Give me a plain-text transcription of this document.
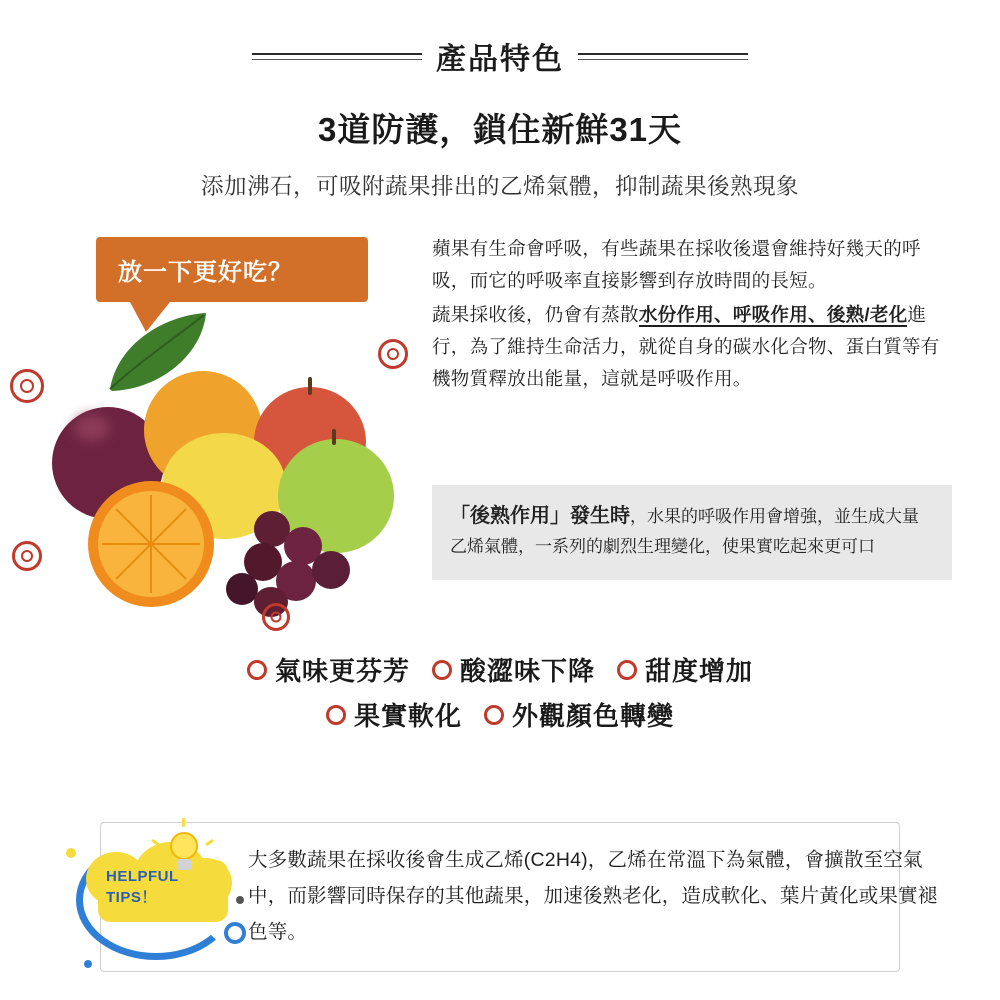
產品特色
3道防護，鎖住新鮮31天
添加沸石，可吸附蔬果排出的乙烯氣體，抑制蔬果後熟現象
放一下更好吃？
蘋果有生命會呼吸，有些蔬果在採收後還會維持好幾天的呼吸，而它的呼吸率直接影響到存放時間的長短。
蔬果採收後，仍會有蒸散水份作用、呼吸作用、後熟/老化進行，為了維持生命活力，就從自身的碳水化合物、蛋白質等有機物質釋放出能量，這就是呼吸作用。
「後熟作用」發生時，水果的呼吸作用會增強，並生成大量乙烯氣體，一系列的劇烈生理變化，使果實吃起來更可口
氣味更芬芳 酸澀味下降 甜度增加
果實軟化 外觀顏色轉變
HELPFUL
TIPS！
大多數蔬果在採收後會生成乙烯(C2H4)，乙烯在常溫下為氣體，會擴散至空氣中，而影響同時保存的其他蔬果，加速後熟老化，造成軟化、葉片黃化或果實褪色等。
